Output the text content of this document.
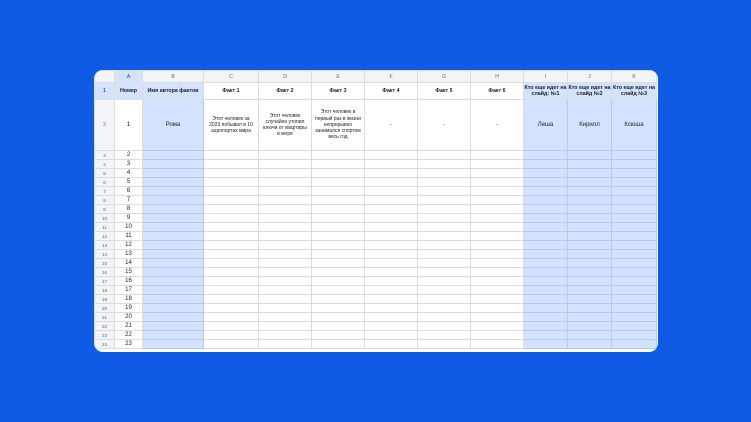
	A	B	C	D	E	F	G	H	I	J	K
1	Номер	Имя автора фактов	Факт 1	Факт 2	Факт 3	Факт 4	Факт 5	Факт 6	Кто еще идет на слайд: №1	Кто еще идет на слайд №2	Кто еще идет на слайд №3
2	1	Рома	Этот человек за 2023 побывал в 10 аэропортах мира	Этот человек случайно утопил ключи от квартиры в море	Этот человек в первый раз в жизни непрерывно занимался спортом весь год	-	-	-	Леша	Кирилл	Ксюша
3	2										
4	3										
5	4										
6	5										
7	6										
8	7										
9	8										
10	9										
11	10										
12	11										
13	12										
14	13										
15	14										
16	15										
17	16										
18	17										
19	18										
20	19										
21	20										
22	21										
23	22										
24	23										
